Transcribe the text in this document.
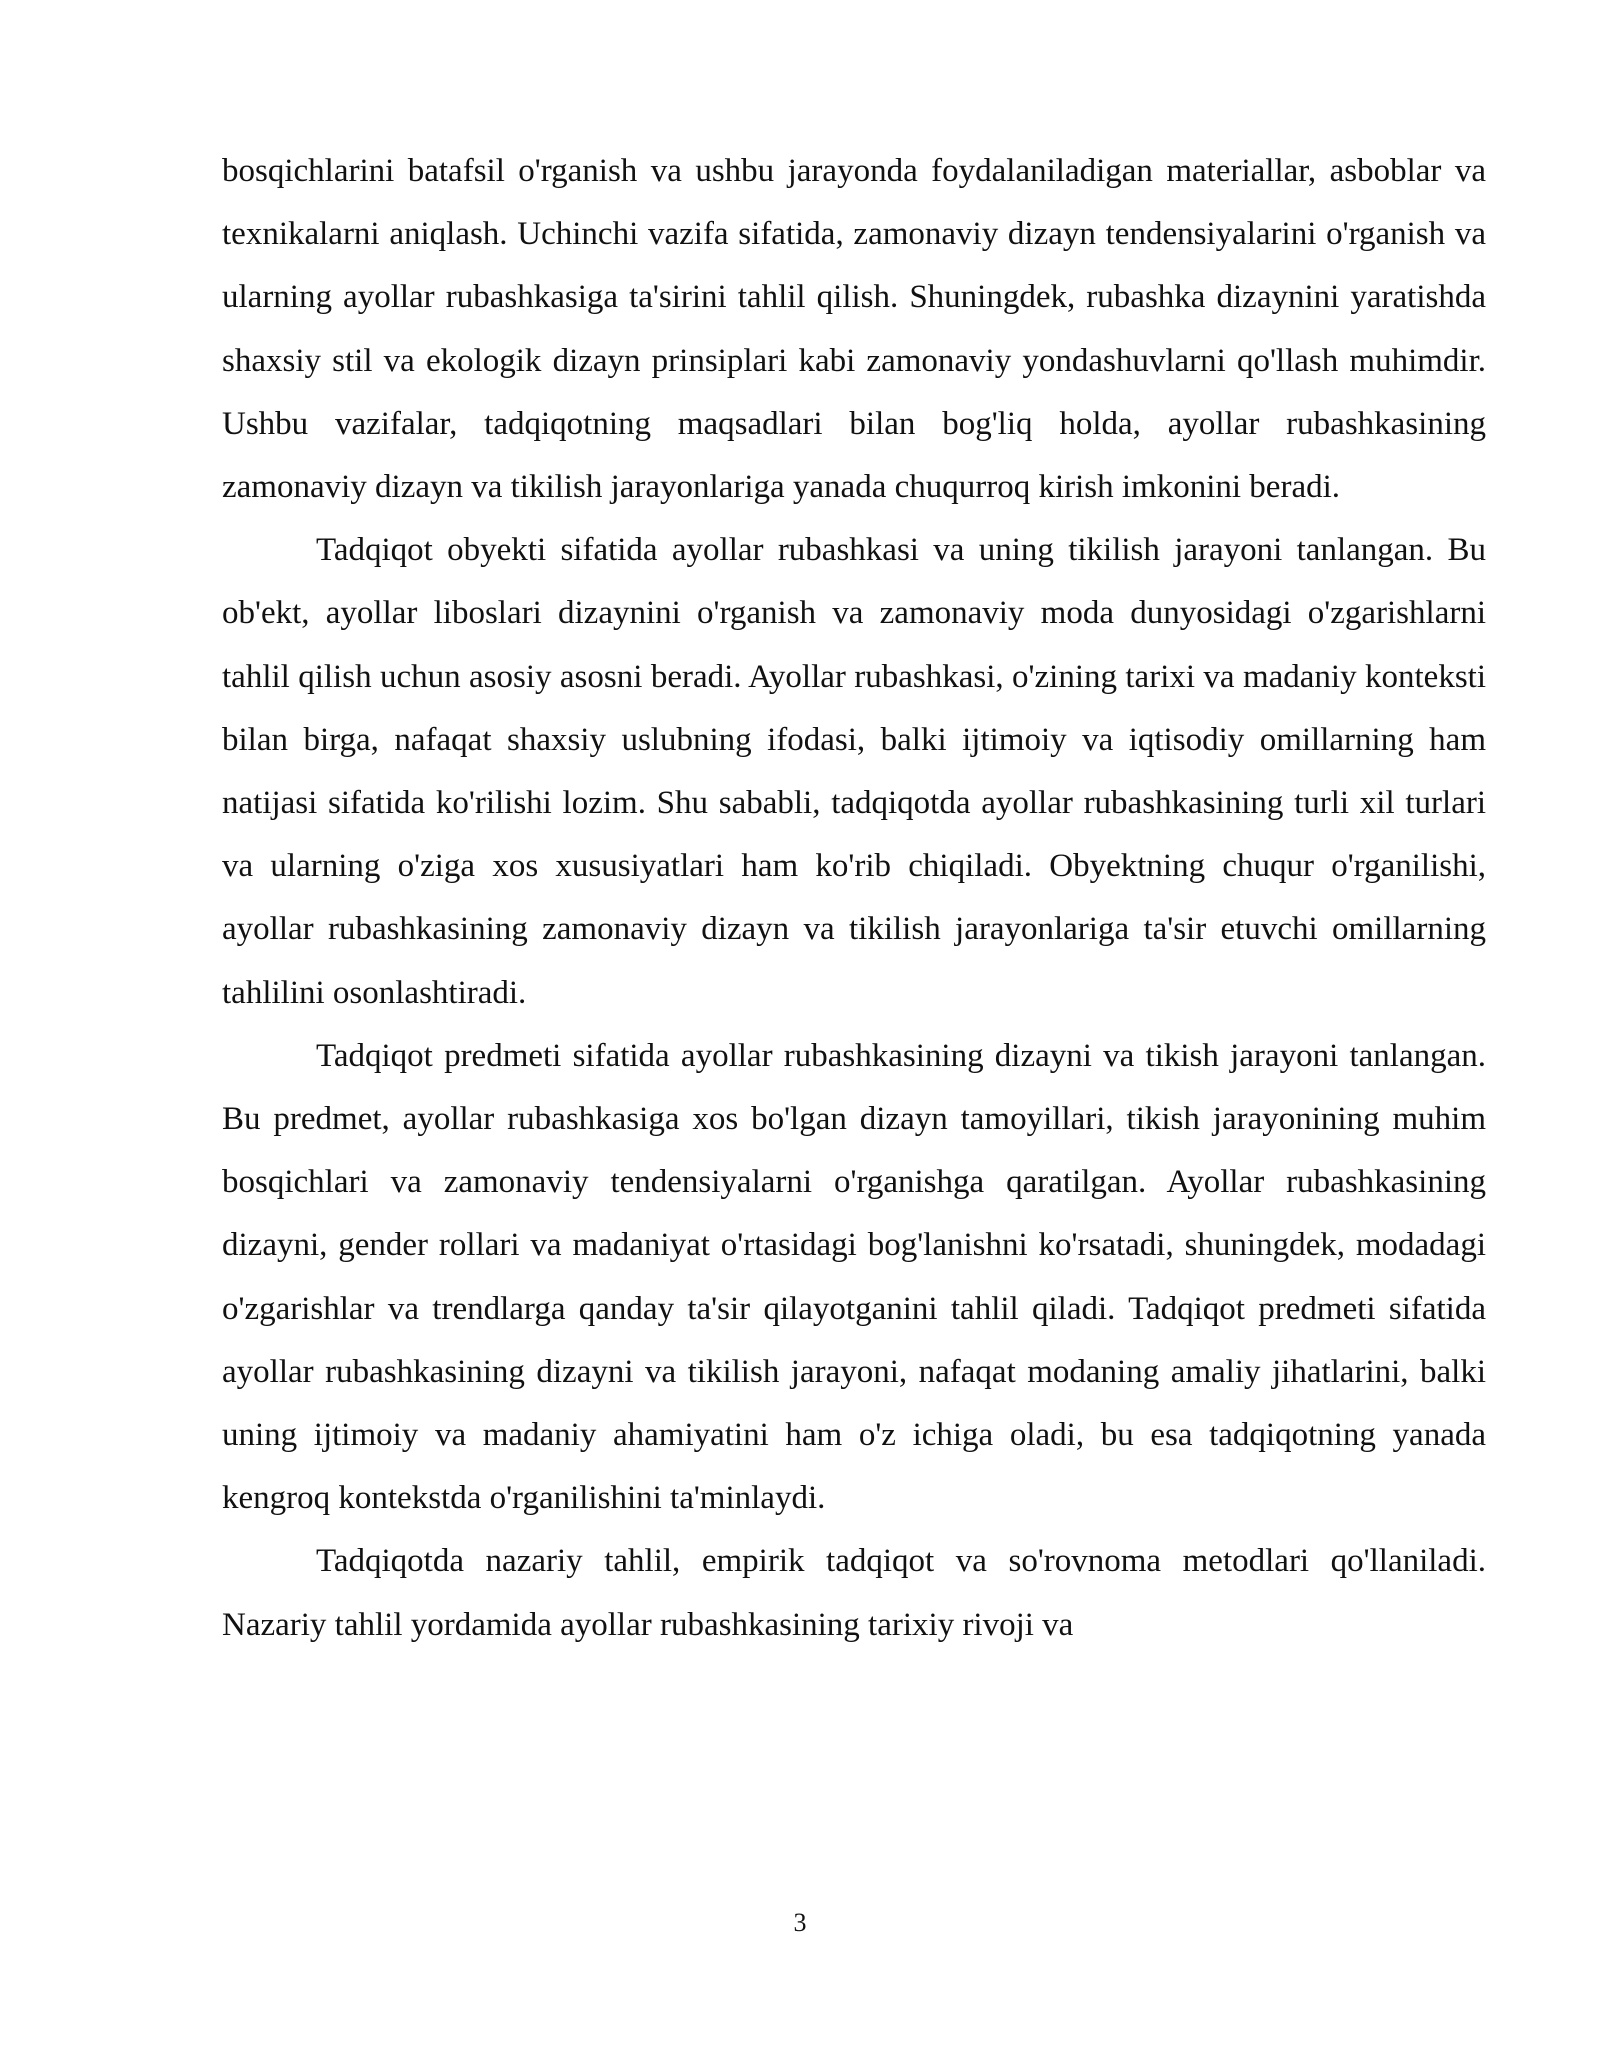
bosqichlarini batafsil o'rganish va ushbu jarayonda foydalaniladigan materiallar, asboblar va texnikalarni aniqlash. Uchinchi vazifa sifatida, zamonaviy dizayn tendensiyalarini o'rganish va ularning ayollar rubashkasiga ta'sirini tahlil qilish. Shuningdek, rubashka dizaynini yaratishda shaxsiy stil va ekologik dizayn prinsiplari kabi zamonaviy yondashuvlarni qo'llash muhimdir. Ushbu vazifalar, tadqiqotning maqsadlari bilan bog'liq holda, ayollar rubashkasining zamonaviy dizayn va tikilish jarayonlariga yanada chuqurroq kirish imkonini beradi.

Tadqiqot obyekti sifatida ayollar rubashkasi va uning tikilish jarayoni tanlangan. Bu ob'ekt, ayollar liboslari dizaynini o'rganish va zamonaviy moda dunyosidagi o'zgarishlarni tahlil qilish uchun asosiy asosni beradi. Ayollar rubashkasi, o'zining tarixi va madaniy konteksti bilan birga, nafaqat shaxsiy uslubning ifodasi, balki ijtimoiy va iqtisodiy omillarning ham natijasi sifatida ko'rilishi lozim. Shu sababli, tadqiqotda ayollar rubashkasining turli xil turlari va ularning o'ziga xos xususiyatlari ham ko'rib chiqiladi. Obyektning chuqur o'rganilishi, ayollar rubashkasining zamonaviy dizayn va tikilish jarayonlariga ta'sir etuvchi omillarning tahlilini osonlashtiradi.

Tadqiqot predmeti sifatida ayollar rubashkasining dizayni va tikish jarayoni tanlangan. Bu predmet, ayollar rubashkasiga xos bo'lgan dizayn tamoyillari, tikish jarayonining muhim bosqichlari va zamonaviy tendensiyalarni o'rganishga qaratilgan. Ayollar rubashkasining dizayni, gender rollari va madaniyat o'rtasidagi bog'lanishni ko'rsatadi, shuningdek, modadagi o'zgarishlar va trendlarga qanday ta'sir qilayotganini tahlil qiladi. Tadqiqot predmeti sifatida ayollar rubashkasining dizayni va tikilish jarayoni, nafaqat modaning amaliy jihatlarini, balki uning ijtimoiy va madaniy ahamiyatini ham o'z ichiga oladi, bu esa tadqiqotning yanada kengroq kontekstda o'rganilishini ta'minlaydi.

Tadqiqotda nazariy tahlil, empirik tadqiqot va so'rovnoma metodlari qo'llaniladi. Nazariy tahlil yordamida ayollar rubashkasining tarixiy rivoji va

3
